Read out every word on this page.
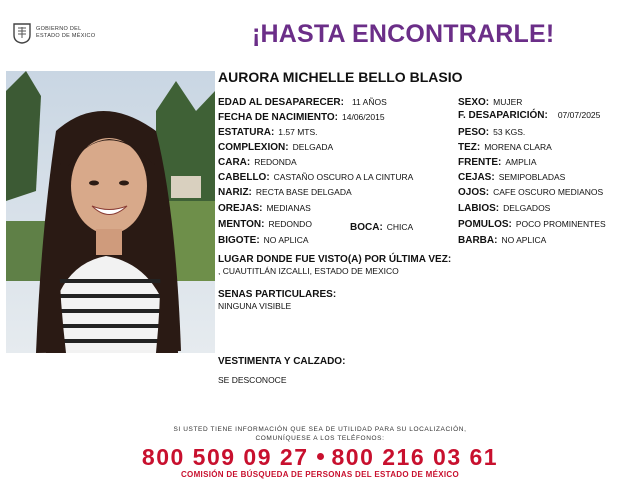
GOBIERNO DEL
ESTADO DE MÉXICO	¡HASTA ENCONTRARLE!
AURORA MICHELLE BELLO BLASIO
EDAD AL DESAPARECER: 11 AÑOS
FECHA DE NACIMIENTO: 14/06/2015
ESTATURA: 1.57 MTS.
COMPLEXION: DELGADA
CARA: REDONDA
CABELLO: CASTAÑO OSCURO A LA CINTURA
NARIZ: RECTA BASE DELGADA
OREJAS: MEDIANAS
MENTON: REDONDO	BOCA: CHICA
BIGOTE: NO APLICA
SEXO: MUJER
F. DESAPARICIÓN: 07/07/2025
PESO: 53 KGS.
TEZ: MORENA CLARA
FRENTE: AMPLIA
CEJAS: SEMIPOBLADAS
OJOS: CAFE OSCURO MEDIANOS
LABIOS: DELGADOS
POMULOS: POCO PROMINENTES
BARBA: NO APLICA
LUGAR DONDE FUE VISTO(A) POR ÚLTIMA VEZ:
, CUAUTITLÁN IZCALLI, ESTADO DE MEXICO
SENAS PARTICULARES:
NINGUNA VISIBLE
VESTIMENTA Y CALZADO:
SE DESCONOCE
SI USTED TIENE INFORMACIÓN QUE SEA DE UTILIDAD PARA SU LOCALIZACIÓN,
COMUNÍQUESE A LOS TELÉFONOS:
800 509 09 27 800 216 03 61
COMISIÓN DE BÚSQUEDA DE PERSONAS DEL ESTADO DE MÉXICO
